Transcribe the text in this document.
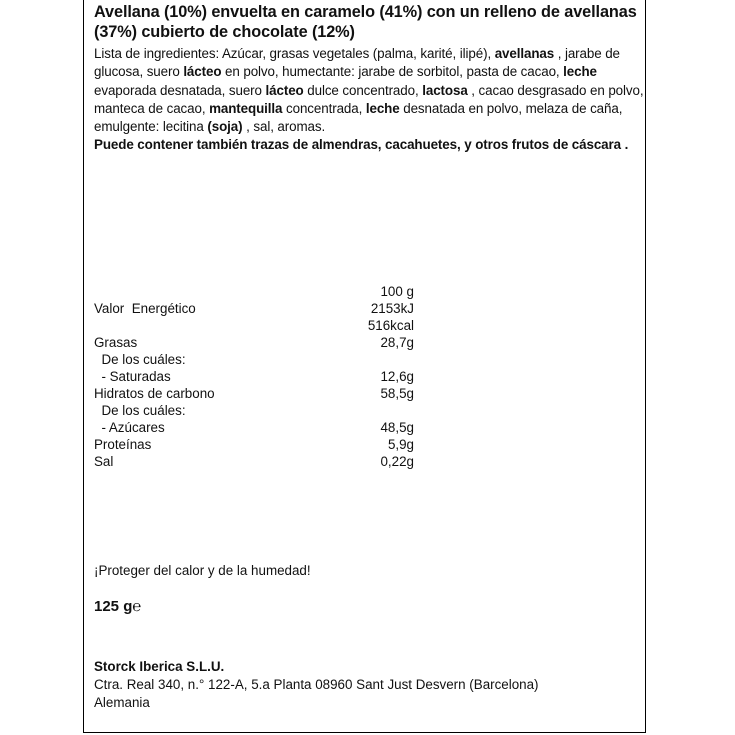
Avellana (10%) envuelta en caramelo (41%) con un relleno de avellanas (37%) cubierto de chocolate (12%)
Lista de ingredientes: Azúcar, grasas vegetales (palma, karité, ilipé), avellanas , jarabe de glucosa, suero lácteo en polvo, humectante: jarabe de sorbitol, pasta de cacao, leche evaporada desnatada, suero lácteo dulce concentrado, lactosa , cacao desgrasado en polvo, manteca de cacao, mantequilla concentrada, leche desnatada en polvo, melaza de caña, emulgente: lecitina (soja) , sal, aromas.
Puede contener también trazas de almendras, cacahuetes, y otros frutos de cáscara .
100 g
Valor  Energético	2153kJ
516kcal
Grasas	28,7g
De los cuáles:
- Saturadas	12,6g
Hidratos de carbono	58,5g
De los cuáles:
- Azúcares	48,5g
Proteínas	5,9g
Sal	0,22g
¡Proteger del calor y de la humedad!
125 g℮
Storck Iberica S.L.U.
Ctra. Real 340, n.° 122-A, 5.a Planta 08960 Sant Just Desvern (Barcelona)
Alemania
